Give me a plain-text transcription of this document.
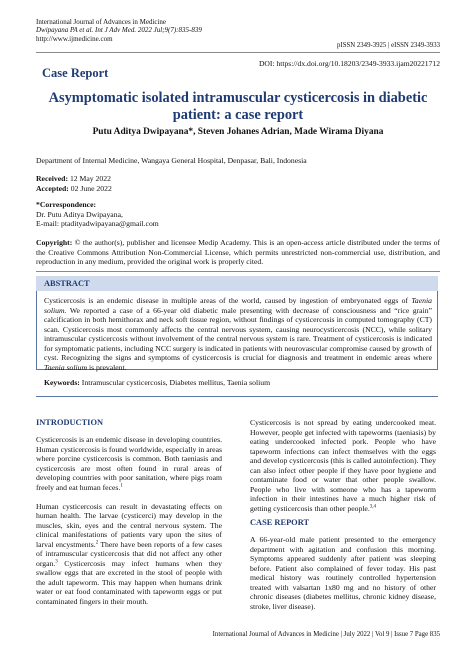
International Journal of Advances in Medicine
Dwipayana PA et al. Int J Adv Med. 2022 Jul;9(7):835-839
http://www.ijmedicine.com
pISSN 2349-3925 | eISSN 2349-3933
Case Report
DOI: https://dx.doi.org/10.18203/2349-3933.ijam20221712
Asymptomatic isolated intramuscular cysticercosis in diabetic
patient: a case report
Putu Aditya Dwipayana*, Steven Johanes Adrian, Made Wirama Diyana
Department of Internal Medicine, Wangaya General Hospital, Denpasar, Bali, Indonesia
Received: 12 May 2022
Accepted: 02 June 2022
*Correspondence:
Dr. Putu Aditya Dwipayana,
E-mail: ptadityadwipayana@gmail.com
Copyright: © the author(s), publisher and licensee Medip Academy. This is an open-access article distributed under the terms of the Creative Commons Attribution Non-Commercial License, which permits unrestricted non-commercial use, distribution, and reproduction in any medium, provided the original work is properly cited.
ABSTRACT
Cysticercosis is an endemic disease in multiple areas of the world, caused by ingestion of embryonated eggs of Taenia solium. We reported a case of a 66-year old diabetic male presenting with decrease of consciousness and “rice grain” calcification in both hemithorax and neck soft tissue region, without findings of cysticercosis in computed tomography (CT) scan. Cysticercosis most commonly affects the central nervous system, causing neurocysticercosis (NCC), while solitary intramuscular cysticercosis without involvement of the central nervous system is rare. Treatment of cysticercosis is indicated for symptomatic patients, including NCC surgery is indicated in patients with neurovascular compromise caused by growth of cyst. Recognizing the signs and symptoms of cysticercosis is crucial for diagnosis and treatment in endemic areas where Taenia solium is prevalent.
Keywords: Intramuscular cysticercosis, Diabetes mellitus, Taenia solium
INTRODUCTION

Cysticercosis is an endemic disease in developing countries. Human cysticercosis is found worldwide, especially in areas where porcine cysticercosis is common. Both taeniasis and cysticercosis are most often found in rural areas of developing countries with poor sanitation, where pigs roam freely and eat human feces.$^1$

Human cysticercosis can result in devastating effects on human health. The larvae (cysticerci) may develop in the muscles, skin, eyes and the central nervous system. The clinical manifestations of patients vary upon the sites of larval encystments.$^2$ There have been reports of a few cases of intramuscular cysticercosis that did not affect any other organ.$^3$ Cysticercosis may infect humans when they swallow eggs that are excreted in the stool of people with the adult tapeworm. This may happen when humans drink water or eat food contaminated with tapeworm eggs or put contaminated fingers in their mouth.

Cysticercosis is not spread by eating undercooked meat. However, people get infected with tapeworms (taeniasis) by eating undercooked infected pork. People who have tapeworm infections can infect themselves with the eggs and develop cysticercosis (this is called autoinfection). They can also infect other people if they have poor hygiene and contaminate food or water that other people swallow. People who live with someone who has a tapeworm infection in their intestines have a much higher risk of getting cysticercosis than other people.$^{3,4}$

CASE REPORT

A 66-year-old male patient presented to the emergency department with agitation and confusion this morning. Symptoms appeared suddenly after patient was sleeping before. Patient also complained of fever today. His past medical history was routinely controlled hypertension treated with valsartan 1x80 mg and no history of other chronic diseases (diabetes mellitus, chronic kidney disease, stroke, liver disease).

International Journal of Advances in Medicine | July 2022 | Vol 9 | Issue 7 Page 835
